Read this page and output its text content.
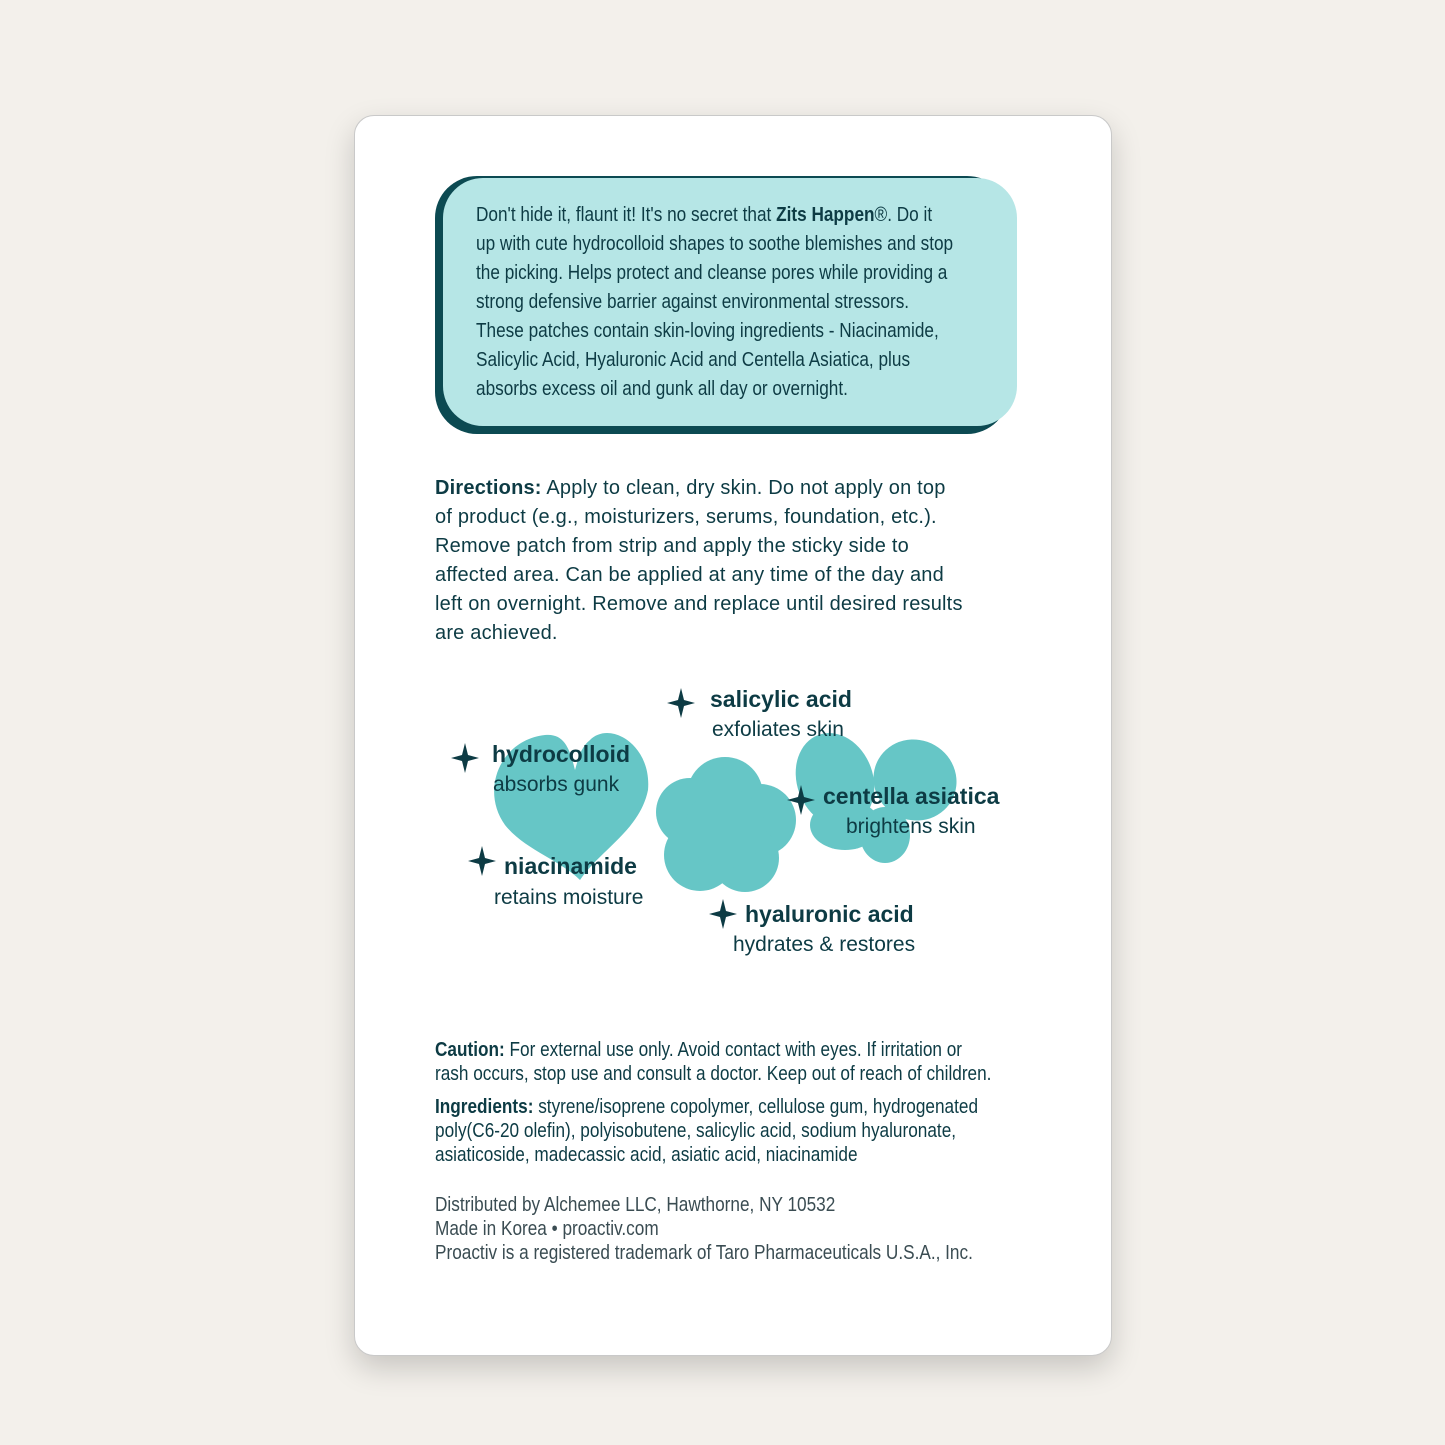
Don't hide it, flaunt it! It's no secret that Zits Happen®. Do it
up with cute hydrocolloid shapes to soothe blemishes and stop
the picking. Helps protect and cleanse pores while providing a
strong defensive barrier against environmental stressors.
These patches contain skin-loving ingredients - Niacinamide,
Salicylic Acid, Hyaluronic Acid and Centella Asiatica, plus
absorbs excess oil and gunk all day or overnight.
Directions: Apply to clean, dry skin. Do not apply on top
of product (e.g., moisturizers, serums, foundation, etc.).
Remove patch from strip and apply the sticky side to
affected area. Can be applied at any time of the day and
left on overnight. Remove and replace until desired results
are achieved.
salicylic acid
exfoliates skin
hydrocolloid
absorbs gunk	centella asiatica
brightens skin
niacinamide
retains moisture
hyaluronic acid
hydrates & restores
Caution: For external use only. Avoid contact with eyes. If irritation or
rash occurs, stop use and consult a doctor. Keep out of reach of children.
Ingredients: styrene/isoprene copolymer, cellulose gum, hydrogenated
poly(C6-20 olefin), polyisobutene, salicylic acid, sodium hyaluronate,
asiaticoside, madecassic acid, asiatic acid, niacinamide
Distributed by Alchemee LLC, Hawthorne, NY 10532
Made in Korea • proactiv.com
Proactiv is a registered trademark of Taro Pharmaceuticals U.S.A., Inc.
